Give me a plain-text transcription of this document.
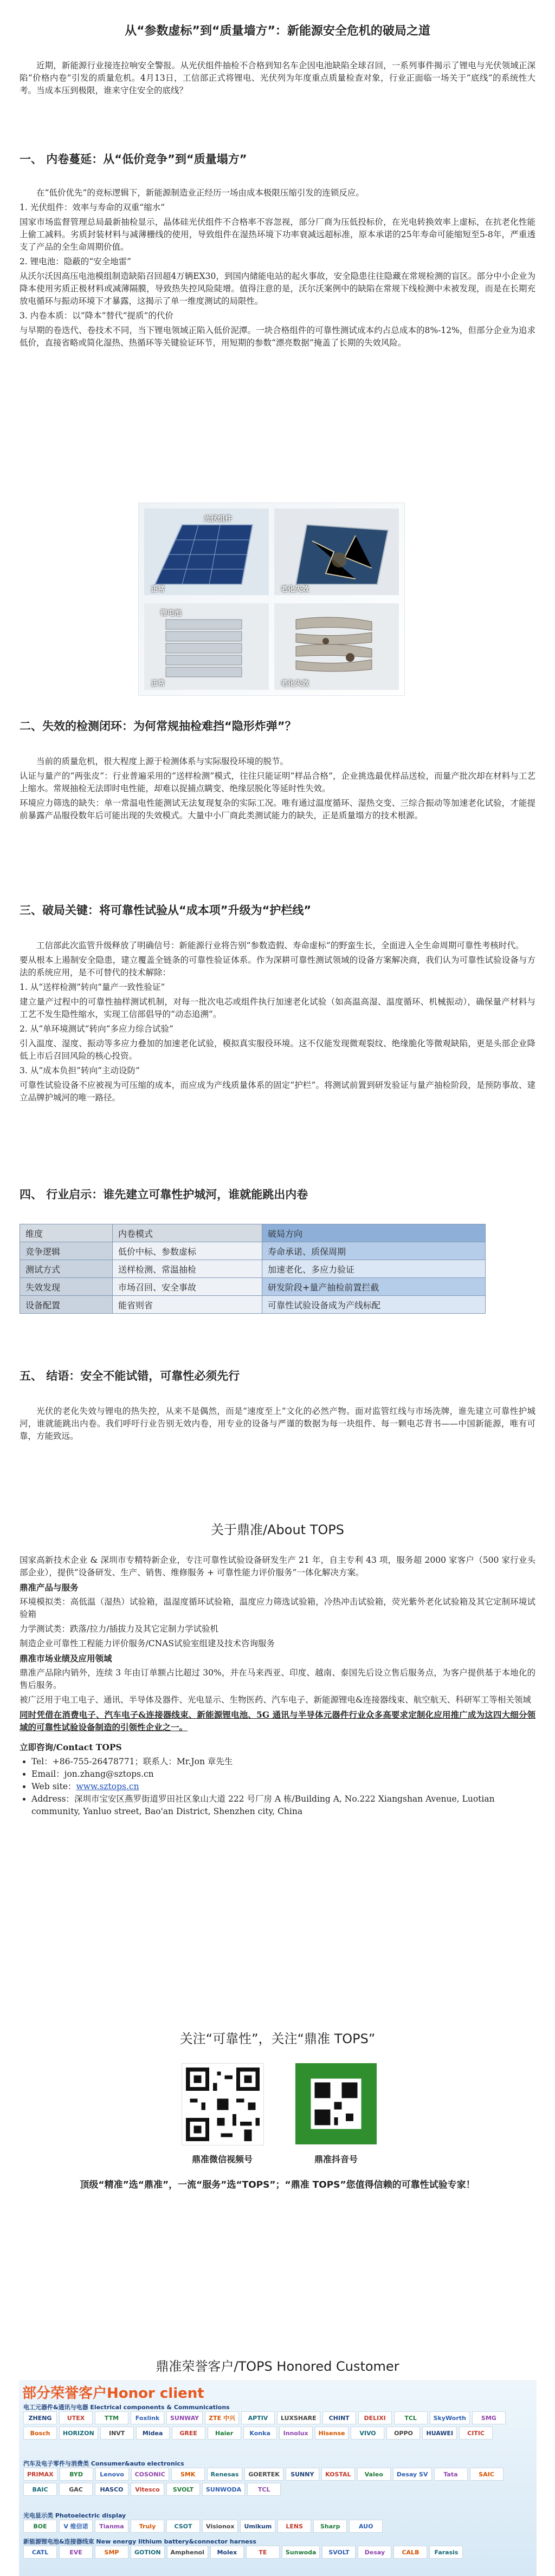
从“参数虚标”到“质量墙方”：新能源安全危机的破局之道

近期，新能源行业接连拉响安全警报。从光伏组件抽检不合格到知名车企因电池缺陷全球召回，一系列事件揭示了锂电与光伏领域正深陷“价格内卷”引发的质量危机。4月13日，工信部正式将锂电、光伏列为年度重点质量检查对象，行业正面临一场关于“底线”的系统性大考。当成本压到极限，谁来守住安全的底线？

一、 内卷蔓延：从“低价竞争”到“质量塌方”

在“低价优先”的竞标逻辑下，新能源制造业正经历一场由成本极限压缩引发的连锁反应。

1. 光伏组件：效率与寿命的双重“缩水”

国家市场监督管理总局最新抽检显示，晶体硅光伏组件不合格率不容忽视，部分厂商为压低投标价，在光电转换效率上虚标，在抗老化性能上偷工减料。劣质封装材料与减薄栅线的使用，导致组件在湿热环境下功率衰减远超标准，原本承诺的25年寿命可能缩短至5-8年，严重透支了产品的全生命周期价值。

2. 锂电池：隐蔽的“安全地雷”

从沃尔沃因高压电池模组制造缺陷召回超4万辆EX30，到国内储能电站的起火事故，安全隐患往往隐藏在常规检测的盲区。部分中小企业为降本使用劣质正极材料或减薄隔膜，导致热失控风险陡增。值得注意的是，沃尔沃案例中的缺陷在常规下线检测中未被发现，而是在长期充放电循环与振动环境下才暴露，这揭示了单一维度测试的局限性。

3. 内卷本质：以“降本”替代“提质”的代价

与早期的卷迭代、卷技术不同，当下锂电领域正陷入低价泥潭。一块合格组件的可靠性测试成本约占总成本的8%-12%，但部分企业为追求低价，直接省略或简化湿热、热循环等关键验证环节，用短期的参数“漂亮数据”掩盖了长期的失效风险。

光伏组件
正常	老化失效
锂电池
正常	老化失效
二、失效的检测闭环：为何常规抽检难挡“隐形炸弹”？

当前的质量危机，很大程度上源于检测体系与实际服役环境的脱节。

认证与量产的“两张皮”：行业普遍采用的“送样检测”模式，往往只能证明“样品合格”，企业挑选最优样品送检，而量产批次却在材料与工艺上缩水。常规抽检无法即时电性能，却难以捉捕点瞒变、绝缘层脱化等延时性失效。

环境应力筛选的缺失：单一常温电性能测试无法复现复杂的实际工况。唯有通过温度循环、湿热交变、三综合振动等加速老化试验，才能提前暴露产品服役数年后可能出现的失效模式。大量中小厂商此类测试能力的缺失，正是质量塌方的技术根源。

三、破局关键：将可靠性试验从“成本项”升级为“护栏线”

工信部此次监管升级释放了明确信号：新能源行业将告别“参数造假、寿命虚标”的野蛮生长，全面进入全生命周期可靠性考核时代。

要从根本上遏制安全隐患，建立覆盖全链条的可靠性验证体系。作为深耕可靠性测试领域的设备方案解决商，我们认为可靠性试验设备与方法的系统应用，是不可替代的技术解除：

1. 从“送样检测”转向“量产一致性验证”

建立量产过程中的可靠性抽样测试机制，对每一批次电芯或组件执行加速老化试验（如高温高湿、温度循环、机械振动），确保量产材料与工艺不发生隐性缩水，实现工信部倡导的“动态追溯”。

2. 从“单环境测试”转向“多应力综合试验”

引入温度、湿度、振动等多应力叠加的加速老化试验，模拟真实服役环境。这不仅能发现微观裂纹、绝缘脆化等微观缺陷，更是头部企业降低上市后召回风险的核心投资。

3. 从“成本负担”转向“主动设防”

可靠性试验设备不应被视为可压缩的成本，而应成为产线质量体系的固定“护栏”。将测试前置到研发验证与量产抽检阶段，是预防事故、建立品牌护城河的唯一路径。

四、 行业启示：谁先建立可靠性护城河，谁就能跳出内卷
维度	内卷模式	破局方向
竞争逻辑	低价中标、参数虚标	寿命承诺、质保周期
测试方式	送样检测、常温抽检	加速老化、多应力验证
失效发现	市场召回、安全事故	研发阶段+量产抽检前置拦截
设备配置	能省则省	可靠性试验设备成为产线标配
五、 结语：安全不能试错，可靠性必须先行

光伏的老化失效与锂电的热失控，从来不是偶然，而是“速度至上”文化的必然产物。面对监管红线与市场洗牌，谁先建立可靠性护城河，谁就能跳出内卷。我们呼吁行业告别无效内卷，用专业的设备与严谨的数据为每一块组件、每一颗电芯背书——中国新能源，唯有可靠，方能致远。

关于鼎准/About TOPS

国家高新技术企业 & 深圳市专精特新企业，专注可靠性试验设备研发生产 21 年，自主专利 43 项，服务超 2000 家客户（500 家行业头部企业），提供“设备研发、生产、销售、维修服务 + 可靠性能力评价服务”一体化解决方案。

鼎准产品与服务

环境模拟类：高低温（湿热）试验箱，温湿度循环试验箱，温度应力筛选试验箱，冷热冲击试验箱，荧光紫外老化试验箱及其它定制环境试验箱

力学测试类：跌落/拉力/插拔力及其它定制力学试验机

制造企业可靠性工程能力评价服务/CNAS试验室组建及技术咨询服务

鼎准市场业绩及应用领域

鼎准产品除内销外，连续 3 年由订单额占比超过 30%，并在马来西亚、印度、越南、泰国先后设立售后服务点，为客户提供基于本地化的售后服务。

被广泛用于电工电子、通讯、半导体及器件、光电显示、生物医药、汽车电子、新能源锂电&连接器线束、航空航天、科研军工等相关领域

同时凭借在消费电子、汽车电子&连接器线束、新能源锂电池、5G 通讯与半导体元器件行业众多高要求定制化应用推广成为这四大细分领域的可靠性试验设备制造的引领性企业之一。

立即咨询/Contact TOPS

• Tel：+86-755-26478771；联系人：Mr.Jon 章先生
• Email：jon.zhang@sztops.cn
• Web site：www.sztops.cn
• Address：深圳市宝安区燕罗街道罗田社区象山大道 222 号厂房 A 栋/Building A, No.222 Xiangshan Avenue, Luotian community, Yanluo street, Bao'an District, Shenzhen city, China
关注“可靠性”，关注“鼎准 TOPS”
鼎准微信视频号	鼎准抖音号
顶级“精准”选“鼎准”，一流“服务”选“TOPS”；“鼎准 TOPS”您值得信赖的可靠性试验专家！
鼎准荣誉客户/TOPS Honored Customer
部分荣誉客户Honor client
电工元器件&通讯与电器 Electrical components & Communications
ZHENG	UTEX	TTM	Foxlink	SUNWAY	ZTE 中兴	APTIV	LUXSHARE	CHINT	DELIXI	TCL	SkyWorth	SMG
Bosch	HORIZON	INVT	Midea	GREE	Haier	Konka	Innolux	Hisense	VIVO	OPPO	HUAWEI	CITIC
汽车及电子零件与消费类 Consumer&auto electronics
PRIMAX	BYD	Lenovo	COSONIC	SMK	Renesas	GOERTEK	SUNNY	KOSTAL	Valeo	Desay SV	Tata	SAIC
BAIC	GAC	HASCO	Vitesco	SVOLT	SUNWODA	TCL
光电显示类 Photoelectric display
BOE	V 维信诺	Tianma	Truly	CSOT	Visionox	Umikum	LENS	Sharp	AUO
新能源锂电池&连接器线束 New energy lithium battery&connector harness
CATL	EVE	SMP	GOTION	Amphenol	Molex	TE	Sunwoda	SVOLT	Desay	CALB	Farasis
